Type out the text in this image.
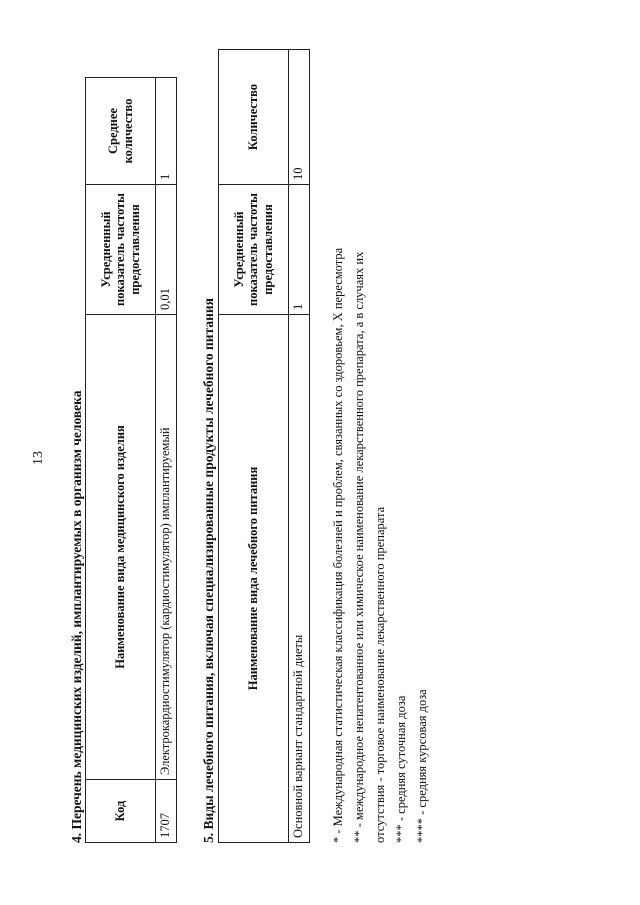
13 4. Перечень медицинских изделий, имплантируемых в организм человека Код	Наименование вида медицинского изделия	Усредненный показатель частоты предоставления	Среднее количество
1707	Электрокардиостимулятор (кардиостимулятор) имплантируемый	0,01	1
5. Виды лечебного питания, включая специализированные продукты лечебного питания Наименование вида лечебного питания	Усредненный показатель частоты предоставления	Количество
Основной вариант стандартной диеты	1	10
* - Международная статистическая классификация болезней и проблем, связанных со здоровьем, X пересмотра ** - международное непатентованное или химическое наименование лекарственного препарата, а в случаях их отсутствия - торговое наименование лекарственного препарата *** - средняя суточная доза **** - средняя курсовая доза
